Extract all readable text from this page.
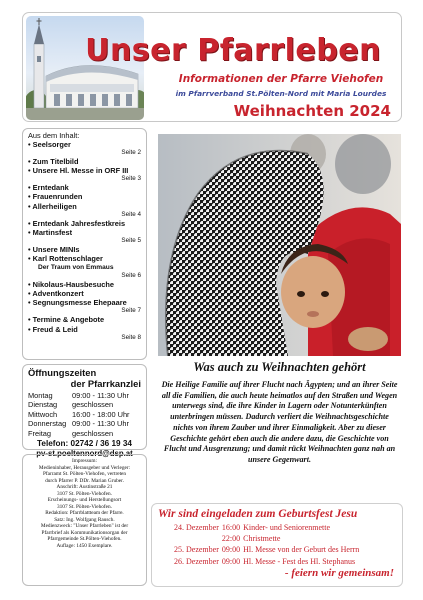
Unser Pfarrleben
Informationen der Pfarre Viehofen
im Pfarrverband St.Pölten-Nord mit Maria Lourdes
Weihnachten 2024
Aus dem Inhalt:
• Seelsorger
Seite 2
• Zum Titelbild
• Unsere Hl. Messe in ORF III
Seite 3
• Erntedank
• Frauenrunden
• Allerheiligen
Seite 4
• Erntedank Jahresfestkreis
• Martinsfest
Seite 5
• Unsere MINIs
• Karl Rottenschlager
Der Traum von Emmaus
Seite 6
• Nikolaus-Hausbesuche
• Adventkonzert
• Segnungsmesse Ehepaare
Seite 7
• Termine & Angebote
• Freud & Leid
Seite 8
Öffnungszeiten
der Pfarrkanzlei
Montag	09:00 - 11:30 Uhr
Dienstag	geschlossen
Mittwoch	16:00 - 18:00 Uhr
Donnerstag	09:00 - 11:30 Uhr
Freitag	geschlossen
Telefon: 02742 / 36 19 34
pv-st.poeltennord@dsp.at
Impressum:
Medieninhaber, Herausgeber und Verleger:
Pfarramt St. Pölten-Viehofen, vertreten
durch Pfarrer P. DDr. Marian Gruber.
Anschrift: Austinstraße 21
3107 St. Pölten-Viehofen.
Erscheinungs- und Herstellungsort
3107 St. Pölten-Viehofen.
Redaktion: Pfarrblattteam der Pfarre.
Satz: Ing. Wolfgang Rausch.
Medienzweck: "Unser Pfarrleben" ist der
Pfarrbrief als Kommunikationsorgan der
Pfarrgemeinde St.Pölten-Viehofen.
Auflage: 1450 Exemplare.
Was auch zu Weihnachten gehört
Die Heilige Familie auf ihrer Flucht nach Ägypten; und an ihrer Seite all die Familien, die auch heute heimatlos auf den Straßen und Wegen unterwegs sind, die ihre Kinder in Lagern oder Notunterkünften unterbringen müssen. Dadurch verliert die Weihnachtsgeschichte nichts von ihrem Zauber und ihrer Einmaligkeit. Aber zu dieser Geschichte gehört eben auch die andere dazu, die Geschichte von Flucht und Ausgrenzung; und damit rückt Weihnachten ganz nah an unsere Gegenwart.
Wir sind eingeladen zum Geburtsfest Jesu
24. Dezember	16:00	Kinder- und Seniorenmette
	22:00	Christmette
25. Dezember	09:00	Hl. Messe von der Geburt des Herrn
26. Dezember	09:00	Hl. Messe - Fest des Hl. Stephanus
- feiern wir gemeinsam!
